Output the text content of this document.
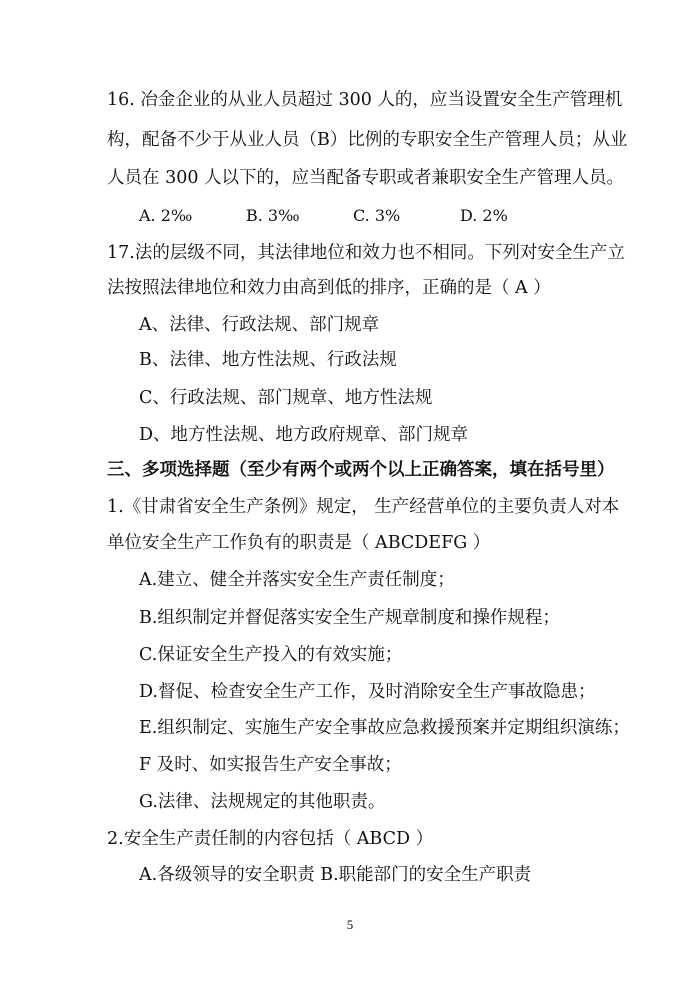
16. 冶金企业的从业人员超过 300 人的，应当设置安全生产管理机
构，配备不少于从业人员（B）比例的专职安全生产管理人员；从业
人员在 300 人以下的，应当配备专职或者兼职安全生产管理人员。
A. 2‰	B. 3‰	C. 3%	D. 2%
17.法的层级不同，其法律地位和效力也不相同。下列对安全生产立
法按照法律地位和效力由高到低的排序，正确的是（ A ）
A、法律、行政法规、部门规章
B、法律、地方性法规、行政法规
C、行政法规、部门规章、地方性法规
D、地方性法规、地方政府规章、部门规章
三、多项选择题（至少有两个或两个以上正确答案，填在括号里）
1.《甘肃省安全生产条例》规定， 生产经营单位的主要负责人对本
单位安全生产工作负有的职责是（ ABCDEFG ）
A.建立、健全并落实安全生产责任制度；
B.组织制定并督促落实安全生产规章制度和操作规程；
C.保证安全生产投入的有效实施；
D.督促、检查安全生产工作，及时消除安全生产事故隐患；
E.组织制定、实施生产安全事故应急救援预案并定期组织演练；
F 及时、如实报告生产安全事故；
G.法律、法规规定的其他职责。
2.安全生产责任制的内容包括（ ABCD ）
A.各级领导的安全职责 B.职能部门的安全生产职责
5
